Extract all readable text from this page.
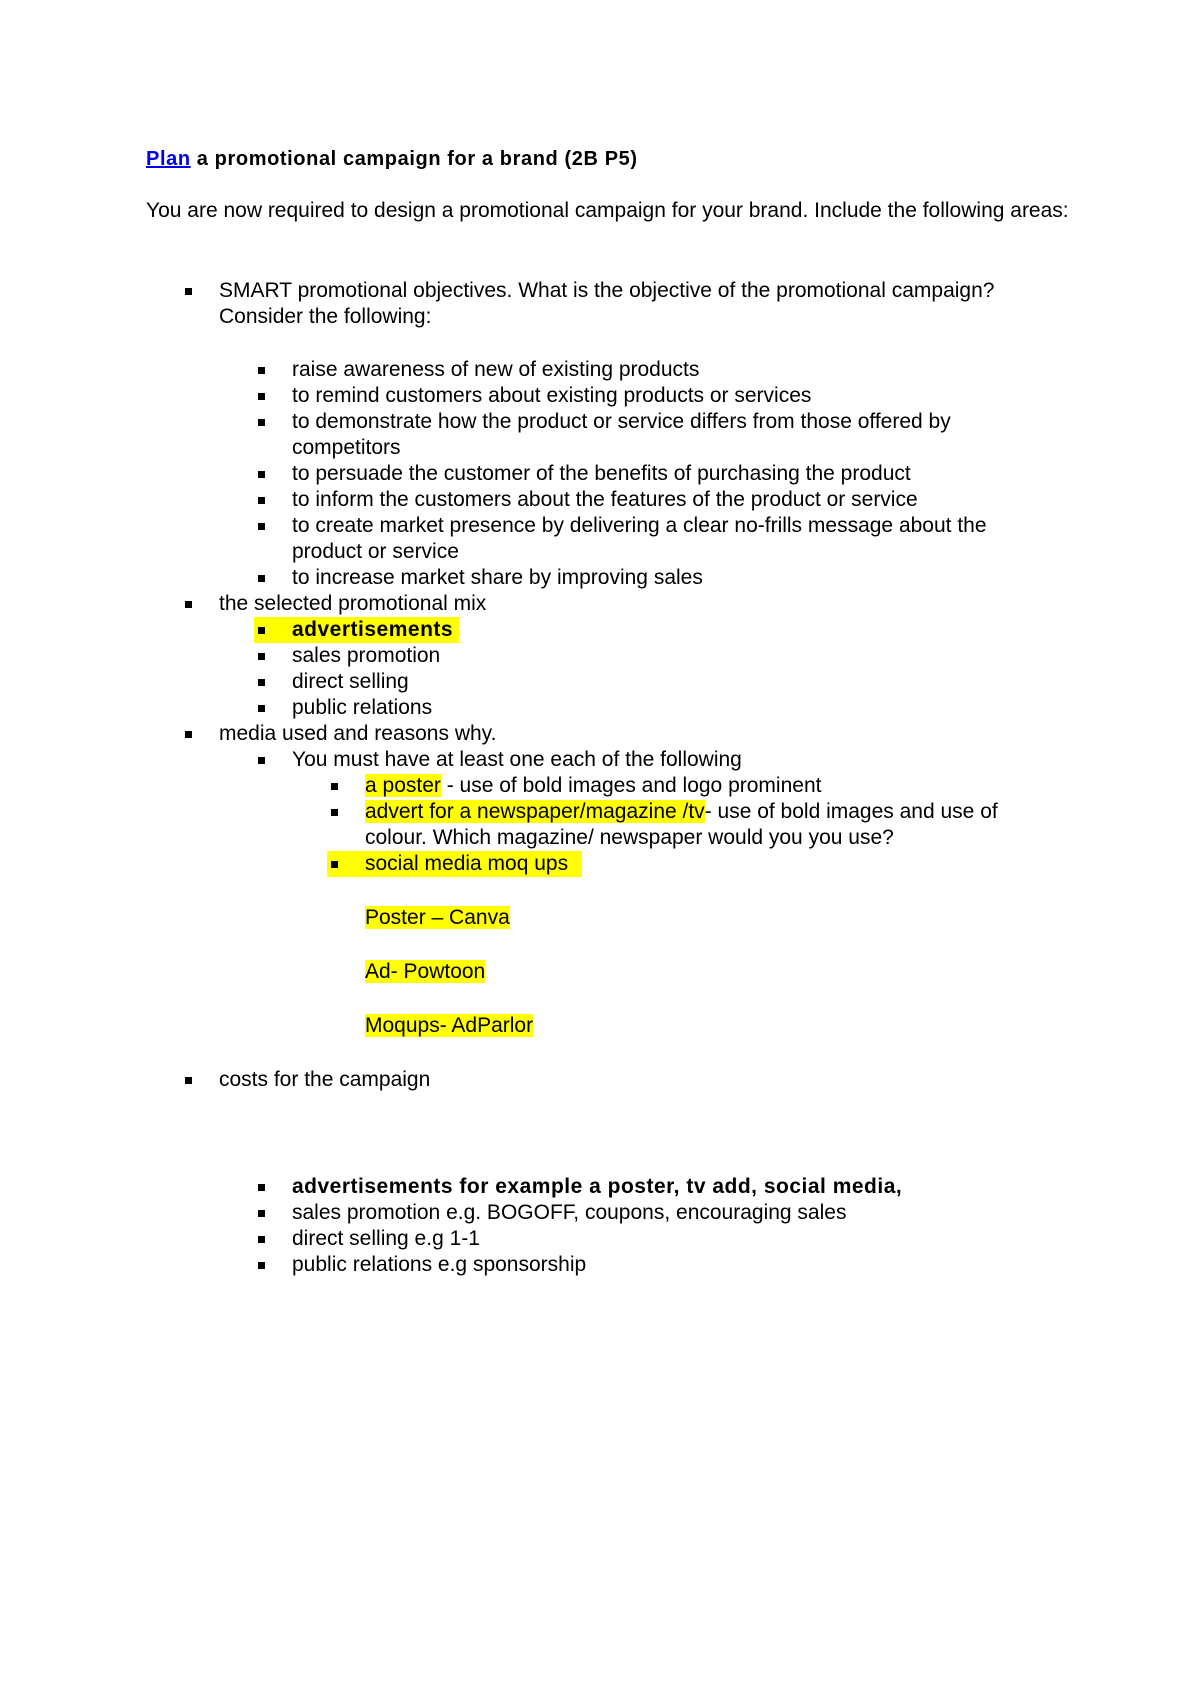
Plan a promotional campaign for a brand (2B P5)
You are now required to design a promotional campaign for your brand. Include the following areas:
SMART promotional objectives. What is the objective of the promotional campaign?
Consider the following:
raise awareness of new of existing products
to remind customers about existing products or services
to demonstrate how the product or service differs from those offered by
competitors
to persuade the customer of the benefits of purchasing the product
to inform the customers about the features of the product or service
to create market presence by delivering a clear no-frills message about the
product or service
to increase market share by improving sales
the selected promotional mix
advertisements
sales promotion
direct selling
public relations
media used and reasons why.
You must have at least one each of the following
a poster - use of bold images and logo prominent
advert for a newspaper/magazine /tv- use of bold images and use of
colour. Which magazine/ newspaper would you you use?
social media moq ups
Poster – Canva
Ad- Powtoon
Moqups- AdParlor
costs for the campaign
advertisements for example a poster, tv add, social media,
sales promotion e.g. BOGOFF, coupons, encouraging sales
direct selling e.g 1-1
public relations e.g sponsorship
